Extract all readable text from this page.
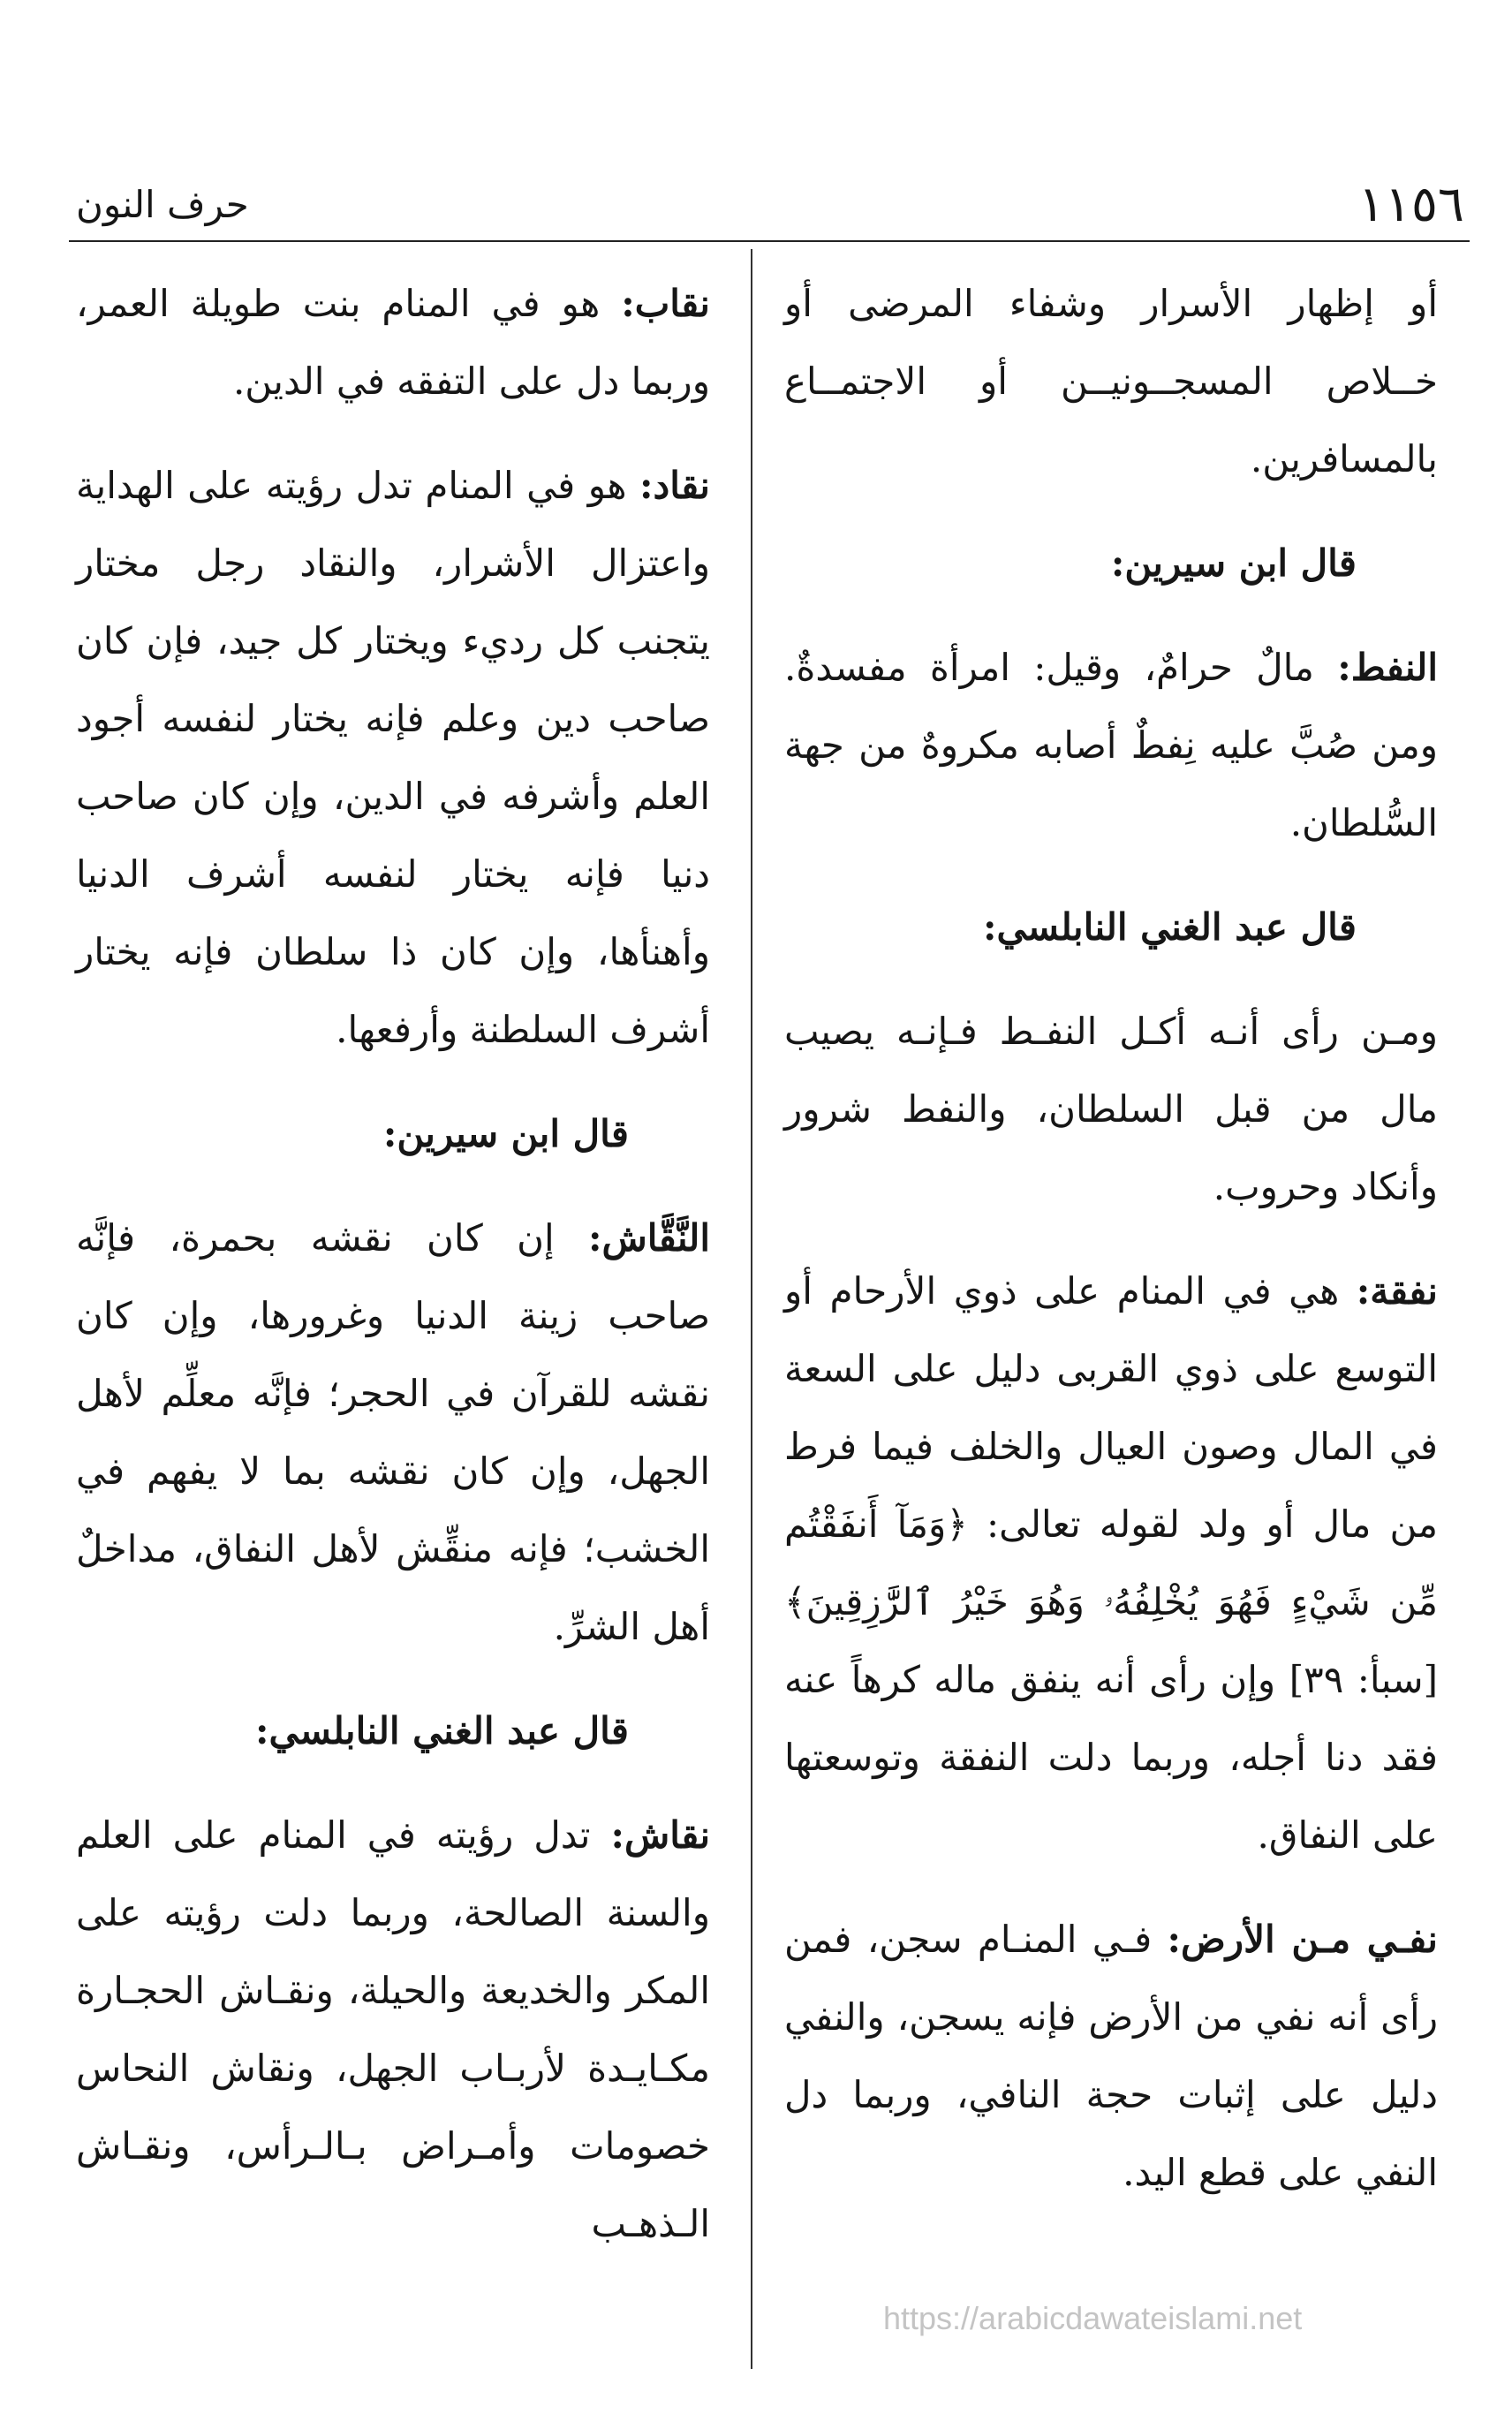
١١٥٦
حرف النون

أو إظهار الأسرار وشفاء المرضى أو خــلاص المسجــونيــن أو الاجتمــاع بالمسافرين.

قال ابن سيرين:

النفط: مالٌ حرامٌ، وقيل: امرأة مفسدةٌ. ومن صُبَّ عليه نِفطٌ أصابه مكروهٌ من جهة السُّلطان.

قال عبد الغني النابلسي:

ومـن رأى أنـه أكـل النفـط فـإنـه يصيب مال من قبل السلطان، والنفط شرور وأنكاد وحروب.

نفقة: هي في المنام على ذوي الأرحام أو التوسع على ذوي القربى دليل على السعة في المال وصون العيال والخلف فيما فرط من مال أو ولد لقوله تعالى: ﴿وَمَآ أَنفَقْتُم مِّن شَيْءٍ فَهُوَ يُخْلِفُهُۥ وَهُوَ خَيْرُ ٱلرَّٰزِقِينَ﴾ [سبأ: ٣٩] وإن رأى أنه ينفق ماله كرهاً عنه فقد دنا أجله، وربما دلت النفقة وتوسعتها على النفاق.

نفـي مـن الأرض: فـي المنـام سجن، فمن رأى أنه نفي من الأرض فإنه يسجن، والنفي دليل على إثبات حجة النافي، وربما دل النفي على قطع اليد.

نقاب: هو في المنام بنت طويلة العمر، وربما دل على التفقه في الدين.

نقاد: هو في المنام تدل رؤيته على الهداية واعتزال الأشرار، والنقاد رجل مختار يتجنب كل رديء ويختار كل جيد، فإن كان صاحب دين وعلم فإنه يختار لنفسه أجود العلم وأشرفه في الدين، وإن كان صاحب دنيا فإنه يختار لنفسه أشرف الدنيا وأهنأها، وإن كان ذا سلطان فإنه يختار أشرف السلطنة وأرفعها.

قال ابن سيرين:

النَّقَّاش: إن كان نقشه بحمرة، فإنَّه صاحب زينة الدنيا وغرورها، وإن كان نقشه للقرآن في الحجر؛ فإنَّه معلِّم لأهل الجهل، وإن كان نقشه بما لا يفهم في الخشب؛ فإنه منقِّش لأهل النفاق، مداخلٌ أهل الشرِّ.

قال عبد الغني النابلسي:

نقاش: تدل رؤيته في المنام على العلم والسنة الصالحة، وربما دلت رؤيته على المكر والخديعة والحيلة، ونقـاش الحجـارة مكـايـدة لأربـاب الجهل، ونقاش النحاس خصومات وأمـراض بـالـرأس، ونقـاش الـذهـب

https://arabicdawateislami.net
